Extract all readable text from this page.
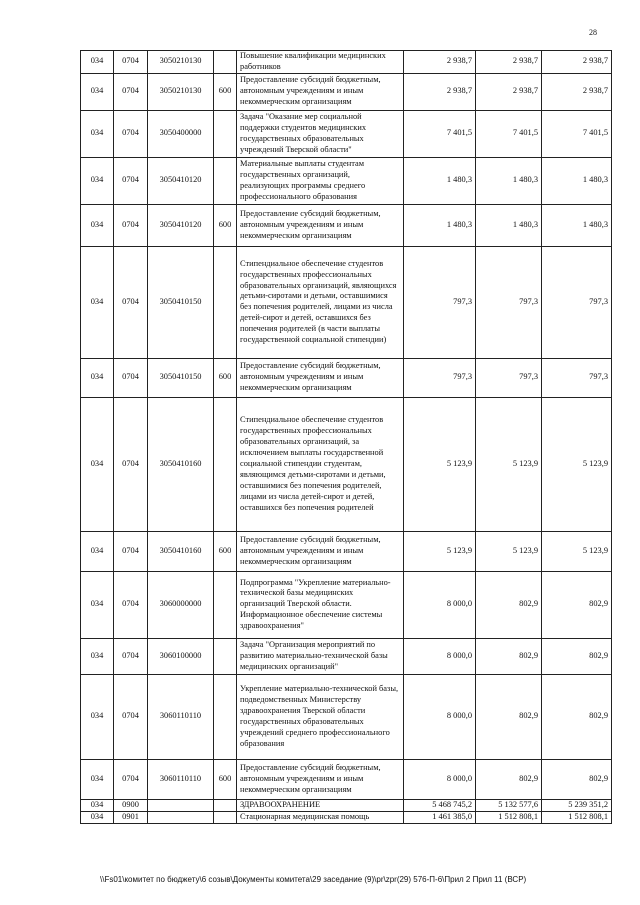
28
034	0704	3050210130		Повышение квалификации медицинских работников	2 938,7	2 938,7	2 938,7
034	0704	3050210130	600	Предоставление субсидий бюджетным, автономным учреждениям и иным некоммерческим организациям	2 938,7	2 938,7	2 938,7
034	0704	3050400000		Задача "Оказание мер социальной поддержки студентов медицинских государственных образовательных учреждений Тверской области"	7 401,5	7 401,5	7 401,5
034	0704	3050410120		Материальные выплаты студентам государственных организаций, реализующих программы среднего профессионального образования	1 480,3	1 480,3	1 480,3
034	0704	3050410120	600	Предоставление субсидий бюджетным, автономным учреждениям и иным некоммерческим организациям	1 480,3	1 480,3	1 480,3
034	0704	3050410150		Стипендиальное обеспечение студентов государственных профессиональных образовательных организаций, являющихся детьми-сиротами и детьми, оставшимися без попечения родителей, лицами из числа детей-сирот и детей, оставшихся без попечения родителей (в части выплаты государственной социальной стипендии)	797,3	797,3	797,3
034	0704	3050410150	600	Предоставление субсидий бюджетным, автономным учреждениям и иным некоммерческим организациям	797,3	797,3	797,3
034	0704	3050410160		Стипендиальное обеспечение студентов государственных профессиональных образовательных организаций, за исключением выплаты государственной социальной стипендии студентам, являющимся детьми-сиротами и детьми, оставшимися без попечения родителей, лицами из числа детей-сирот и детей, оставшихся без попечения родителей	5 123,9	5 123,9	5 123,9
034	0704	3050410160	600	Предоставление субсидий бюджетным, автономным учреждениям и иным некоммерческим организациям	5 123,9	5 123,9	5 123,9
034	0704	3060000000		Подпрограмма "Укрепление материально-технической базы медицинских организаций Тверской области. Информационное обеспечение системы здравоохранения"	8 000,0	802,9	802,9
034	0704	3060100000		Задача "Организация мероприятий по развитию материально-технической базы медицинских организаций"	8 000,0	802,9	802,9
034	0704	3060110110		Укрепление материально-технической базы, подведомственных Министерству здравоохранения Тверской области государственных образовательных учреждений среднего профессионального образования	8 000,0	802,9	802,9
034	0704	3060110110	600	Предоставление субсидий бюджетным, автономным учреждениям и иным некоммерческим организациям	8 000,0	802,9	802,9
034	0900			ЗДРАВООХРАНЕНИЕ	5 468 745,2	5 132 577,6	5 239 351,2
034	0901			Стационарная медицинская помощь	1 461 385,0	1 512 808,1	1 512 808,1
\\Fs01\комитет по бюджету\6 созыв\Документы комитета\29 заседание (9)\pr\zpr(29) 576-П-6\Прил 2 Прил 11 (ВСР)
